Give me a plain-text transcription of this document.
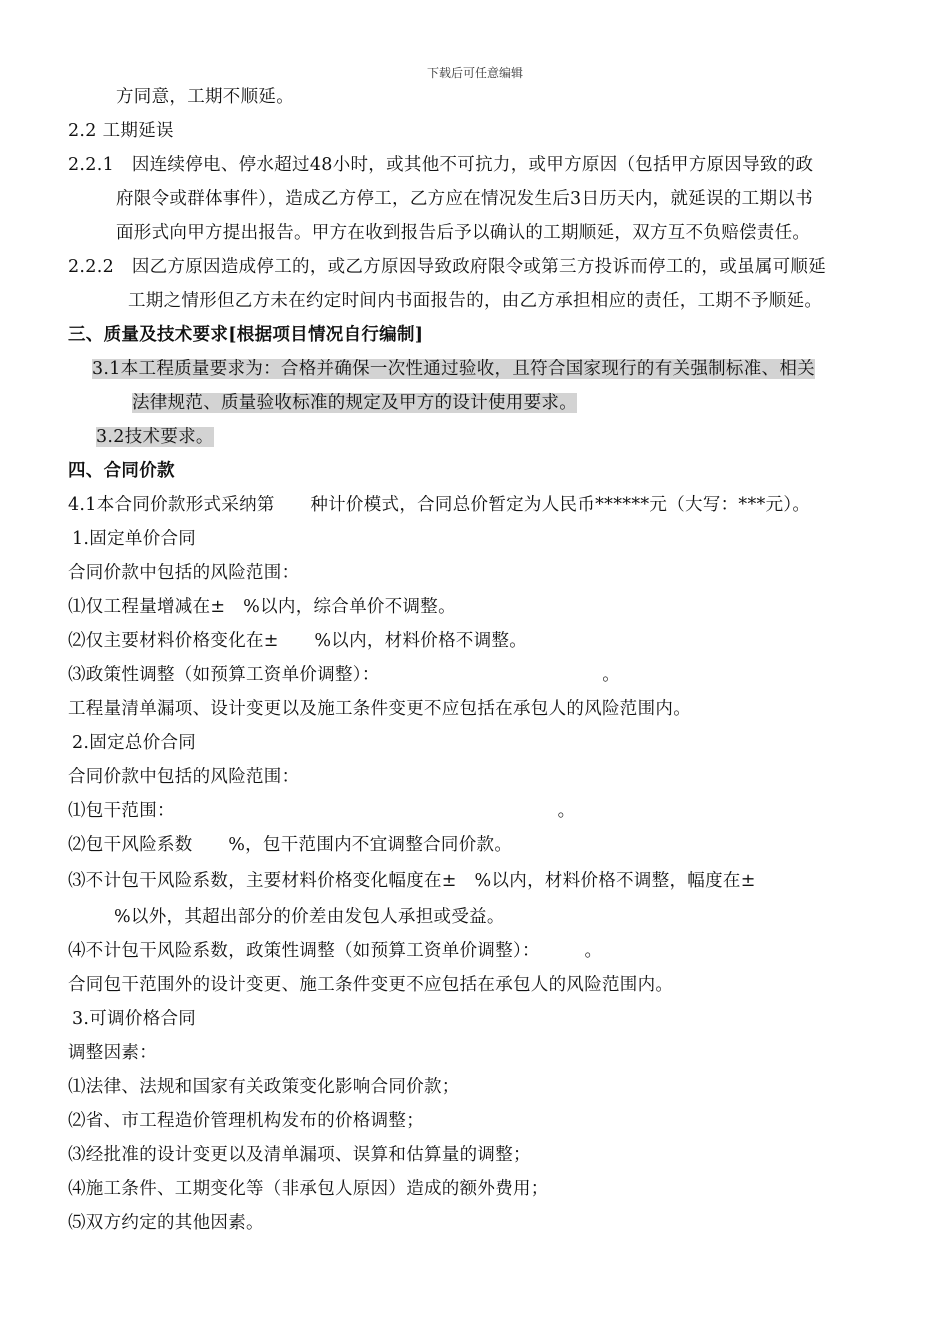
下载后可任意编辑
方同意，工期不顺延。
2.2 工期延误
2.2.1　因连续停电、停水超过48小时，或其他不可抗力，或甲方原因（包括甲方原因导致的政
府限令或群体事件），造成乙方停工，乙方应在情况发生后3日历天内，就延误的工期以书
面形式向甲方提出报告。甲方在收到报告后予以确认的工期顺延，双方互不负赔偿责任。
2.2.2　因乙方原因造成停工的，或乙方原因导致政府限令或第三方投诉而停工的，或虽属可顺延
工期之情形但乙方未在约定时间内书面报告的，由乙方承担相应的责任，工期不予顺延。
三、质量及技术要求[根据项目情况自行编制]
3.1本工程质量要求为：合格并确保一次性通过验收，且符合国家现行的有关强制标准、相关
法律规范、质量验收标准的规定及甲方的设计使用要求。
3.2技术要求。
四、合同价款
4.1本合同价款形式采纳第　　种计价模式，合同总价暂定为人民币******元（大写：***元）。
1.固定单价合同
合同价款中包括的风险范围：
⑴仅工程量增减在±　%以内，综合单价不调整。
⑵仅主要材料价格变化在±　　%以内，材料价格不调整。
⑶政策性调整（如预算工资单价调整）：　　　　　　　　　　　　　。
工程量清单漏项、设计变更以及施工条件变更不应包括在承包人的风险范围内。
2.固定总价合同
合同价款中包括的风险范围：
⑴包干范围：　　　　　　　　　　　　　　　　　　　　　　。
⑵包干风险系数　　%，包干范围内不宜调整合同价款。
⑶不计包干风险系数，主要材料价格变化幅度在±　%以内，材料价格不调整，幅度在±
%以外，其超出部分的价差由发包人承担或受益。
⑷不计包干风险系数，政策性调整（如预算工资单价调整）：　　　。
合同包干范围外的设计变更、施工条件变更不应包括在承包人的风险范围内。
3.可调价格合同
调整因素：
⑴法律、法规和国家有关政策变化影响合同价款；
⑵省、市工程造价管理机构发布的价格调整；
⑶经批准的设计变更以及清单漏项、误算和估算量的调整；
⑷施工条件、工期变化等（非承包人原因）造成的额外费用；
⑸双方约定的其他因素。
